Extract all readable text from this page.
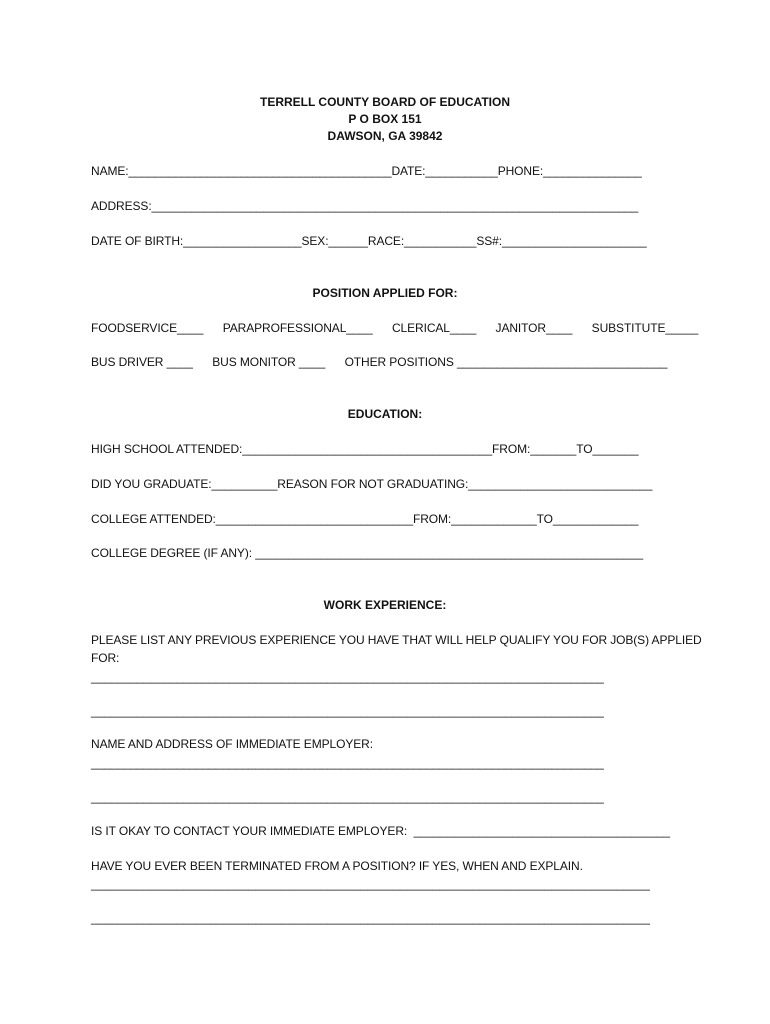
TERRELL COUNTY BOARD OF EDUCATION
P O BOX 151
DAWSON, GA 39842
NAME:________________________________________DATE:___________PHONE:_______________
ADDRESS:__________________________________________________________________________
DATE OF BIRTH:__________________SEX:______RACE:___________SS#:______________________
POSITION APPLIED FOR:
FOODSERVICE____      PARAPROFESSIONAL____      CLERICAL____      JANITOR____      SUBSTITUTE_____
BUS DRIVER ____      BUS MONITOR ____      OTHER POSITIONS ________________________________
EDUCATION:
HIGH SCHOOL ATTENDED:______________________________________FROM:_______TO_______
DID YOU GRADUATE:__________REASON FOR NOT GRADUATING:____________________________
COLLEGE ATTENDED:______________________________FROM:_____________TO_____________
COLLEGE DEGREE (IF ANY): ___________________________________________________________
WORK EXPERIENCE:
PLEASE LIST ANY PREVIOUS EXPERIENCE YOU HAVE THAT WILL HELP QUALIFY YOU FOR JOB(S) APPLIED
FOR:
______________________________________________________________________________
______________________________________________________________________________
NAME AND ADDRESS OF IMMEDIATE EMPLOYER:
______________________________________________________________________________
______________________________________________________________________________
IS IT OKAY TO CONTACT YOUR IMMEDIATE EMPLOYER:  _______________________________________
HAVE YOU EVER BEEN TERMINATED FROM A POSITION? IF YES, WHEN AND EXPLAIN.
_____________________________________________________________________________________
_____________________________________________________________________________________
